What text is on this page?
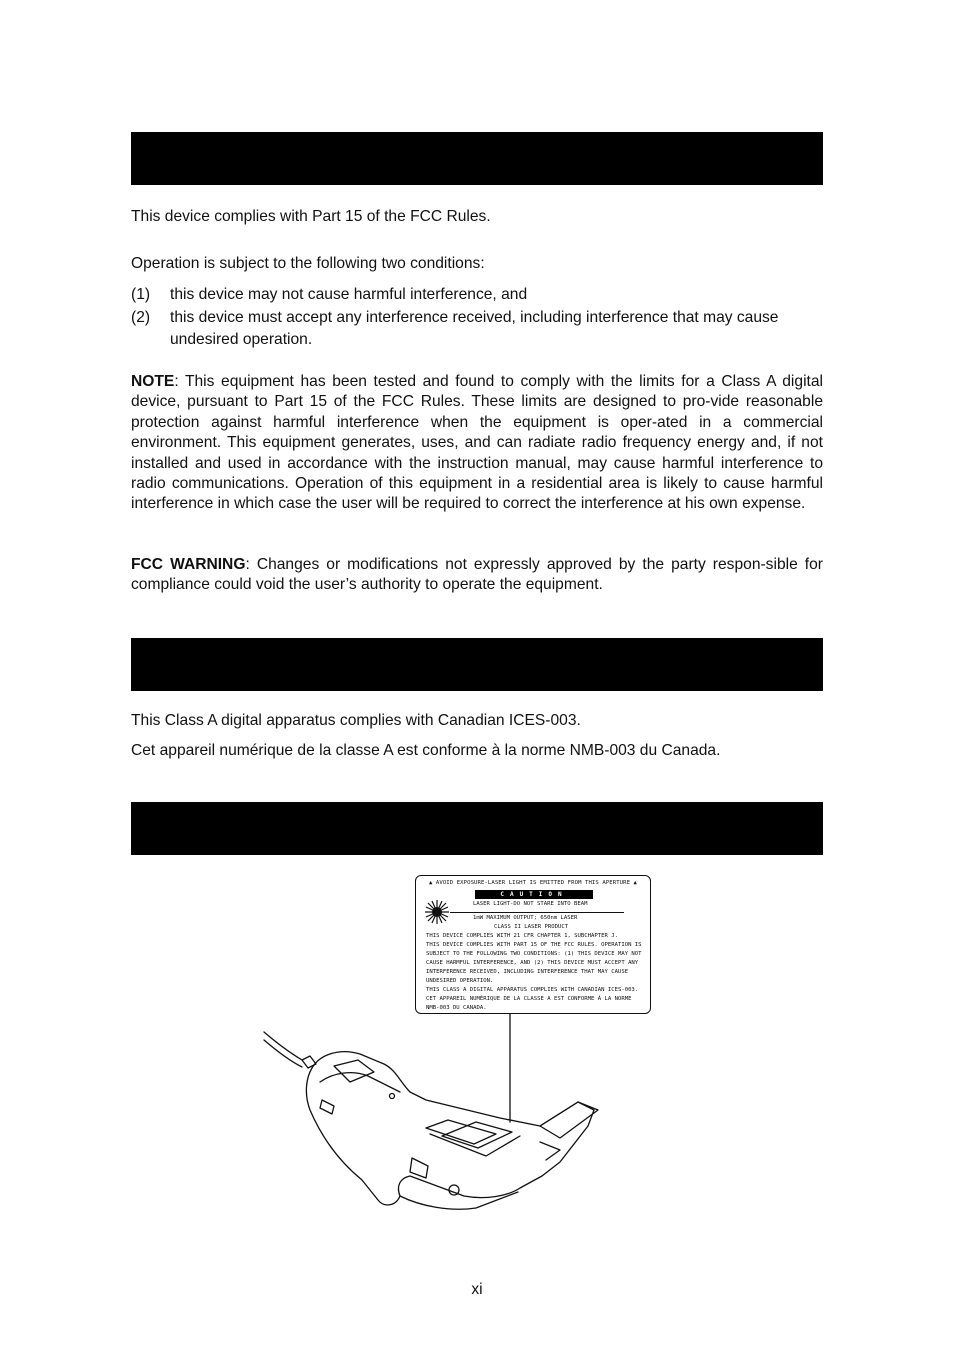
This device complies with Part 15 of the FCC Rules.

Operation is subject to the following two conditions:

(1) this device may not cause harmful interference, and
(2) this device must accept any interference received, including interference that may cause undesired operation.

NOTE: This equipment has been tested and found to comply with the limits for a Class A digital device, pursuant to Part 15 of the FCC Rules. These limits are designed to pro-vide reasonable protection against harmful interference when the equipment is oper-ated in a commercial environment. This equipment generates, uses, and can radiate radio frequency energy and, if not installed and used in accordance with the instruction manual, may cause harmful interference to radio communications. Operation of this equipment in a residential area is likely to cause harmful interference in which case the user will be required to correct the interference at his own expense.

FCC WARNING: Changes or modifications not expressly approved by the party respon-sible for compliance could void the user’s authority to operate the equipment.

This Class A digital apparatus complies with Canadian ICES-003.

Cet appareil numérique de la classe A est conforme à la norme NMB-003 du Canada.

▲ AVOID EXPOSURE-LASER LIGHT IS EMITTED FROM THIS APERTURE ▲
CAUTION
LASER LIGHT-DO NOT STARE INTO BEAM
1mW MAXIMUM OUTPUT; 650nm LASER
CLASS II LASER PRODUCT
THIS DEVICE COMPLIES WITH 21 CFR CHAPTER 1, SUBCHAPTER J.
THIS DEVICE COMPLIES WITH PART 15 OF THE FCC RULES. OPERATION IS
SUBJECT TO THE FOLLOWING TWO CONDITIONS: (1) THIS DEVICE MAY NOT
CAUSE HARMFUL INTERFERENCE, AND (2) THIS DEVICE MUST ACCEPT ANY
INTERFERENCE RECEIVED, INCLUDING INTERFERENCE THAT MAY CAUSE
UNDESIRED OPERATION.
THIS CLASS A DIGITAL APPARATUS COMPLIES WITH CANADIAN ICES-003.
CET APPAREIL NUMÉRIQUE DE LA CLASSE A EST CONFORME À LA NORME
NMB-003 DU CANADA.
xi
